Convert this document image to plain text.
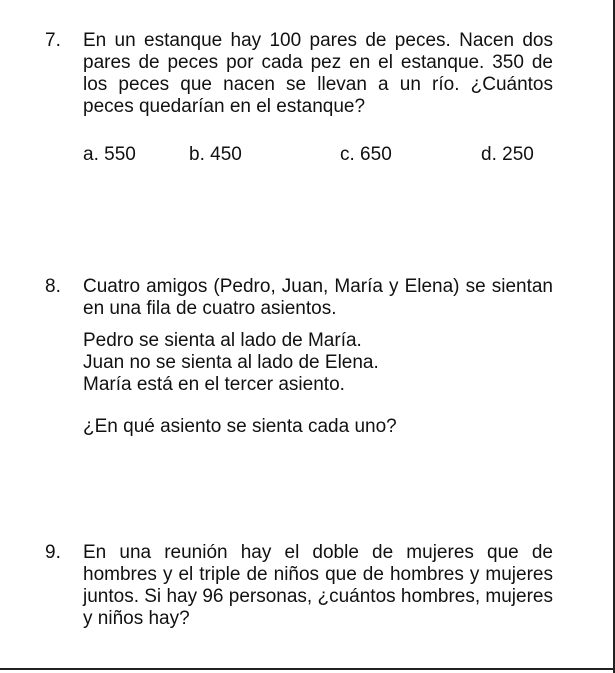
7.	En un estanque hay 100 pares de peces. Nacen dos pares de peces por cada pez en el estanque. 350 de los peces que nacen se llevan a un río. ¿Cuántos peces quedarían en el estanque?

a. 550	b. 450	c. 650	d. 250
8.	Cuatro amigos (Pedro, Juan, María y Elena) se sientan en una fila de cuatro asientos.

Pedro se sienta al lado de María.

Juan no se sienta al lado de Elena.

María está en el tercer asiento.

¿En qué asiento se sienta cada uno?

9.	En una reunión hay el doble de mujeres que de hombres y el triple de niños que de hombres y mujeres juntos. Si hay 96 personas, ¿cuántos hombres, mujeres y niños hay?
